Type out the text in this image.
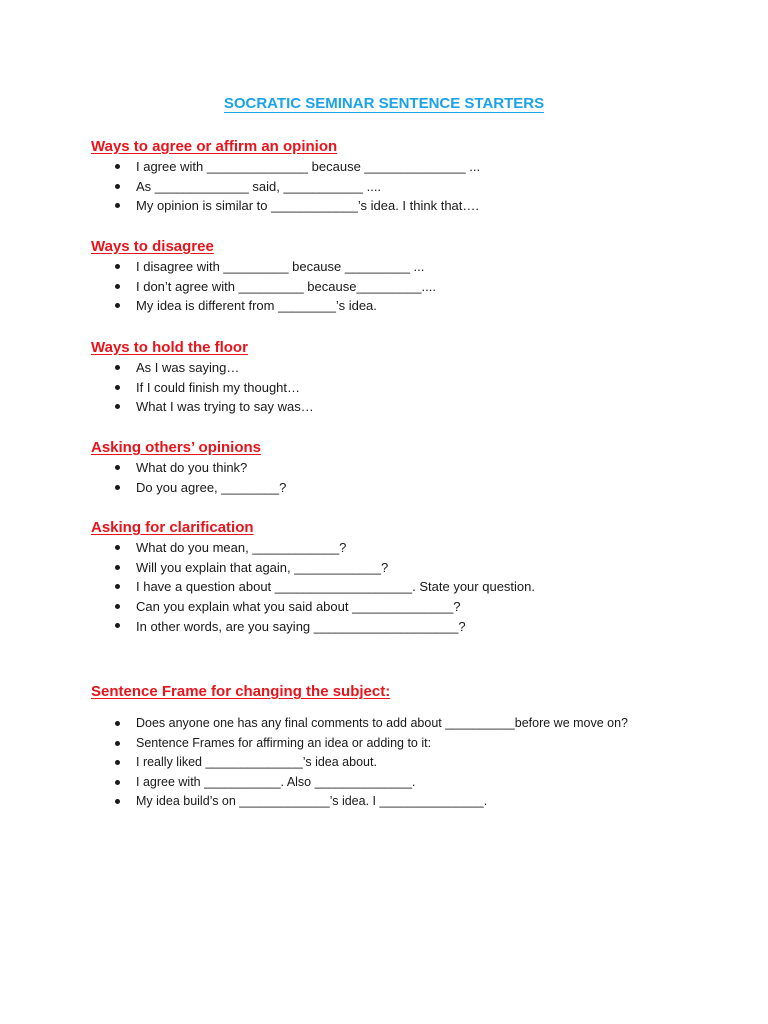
SOCRATIC SEMINAR SENTENCE STARTERS
Ways to agree or affirm an opinion
I agree with ______________ because ______________ ...
As _____________ said, ___________ ....
My opinion is similar to ____________’s idea. I think that….
Ways to disagree
I disagree with _________ because _________ ...
I don’t agree with _________ because_________....
My idea is different from ________’s idea.
Ways to hold the floor
As I was saying…
If I could finish my thought…
What I was trying to say was…
Asking others’ opinions
What do you think?
Do you agree, ________?
Asking for clarification
What do you mean, ____________?
Will you explain that again, ____________?
I have a question about ___________________. State your question.
Can you explain what you said about ______________?
In other words, are you saying ____________________?
Sentence Frame for changing the subject:
Does anyone one has any final comments to add about __________before we move on?
Sentence Frames for affirming an idea or adding to it:
I really liked ______________’s idea about.
I agree with ___________. Also ______________.
My idea build’s on _____________’s idea. I _______________.
